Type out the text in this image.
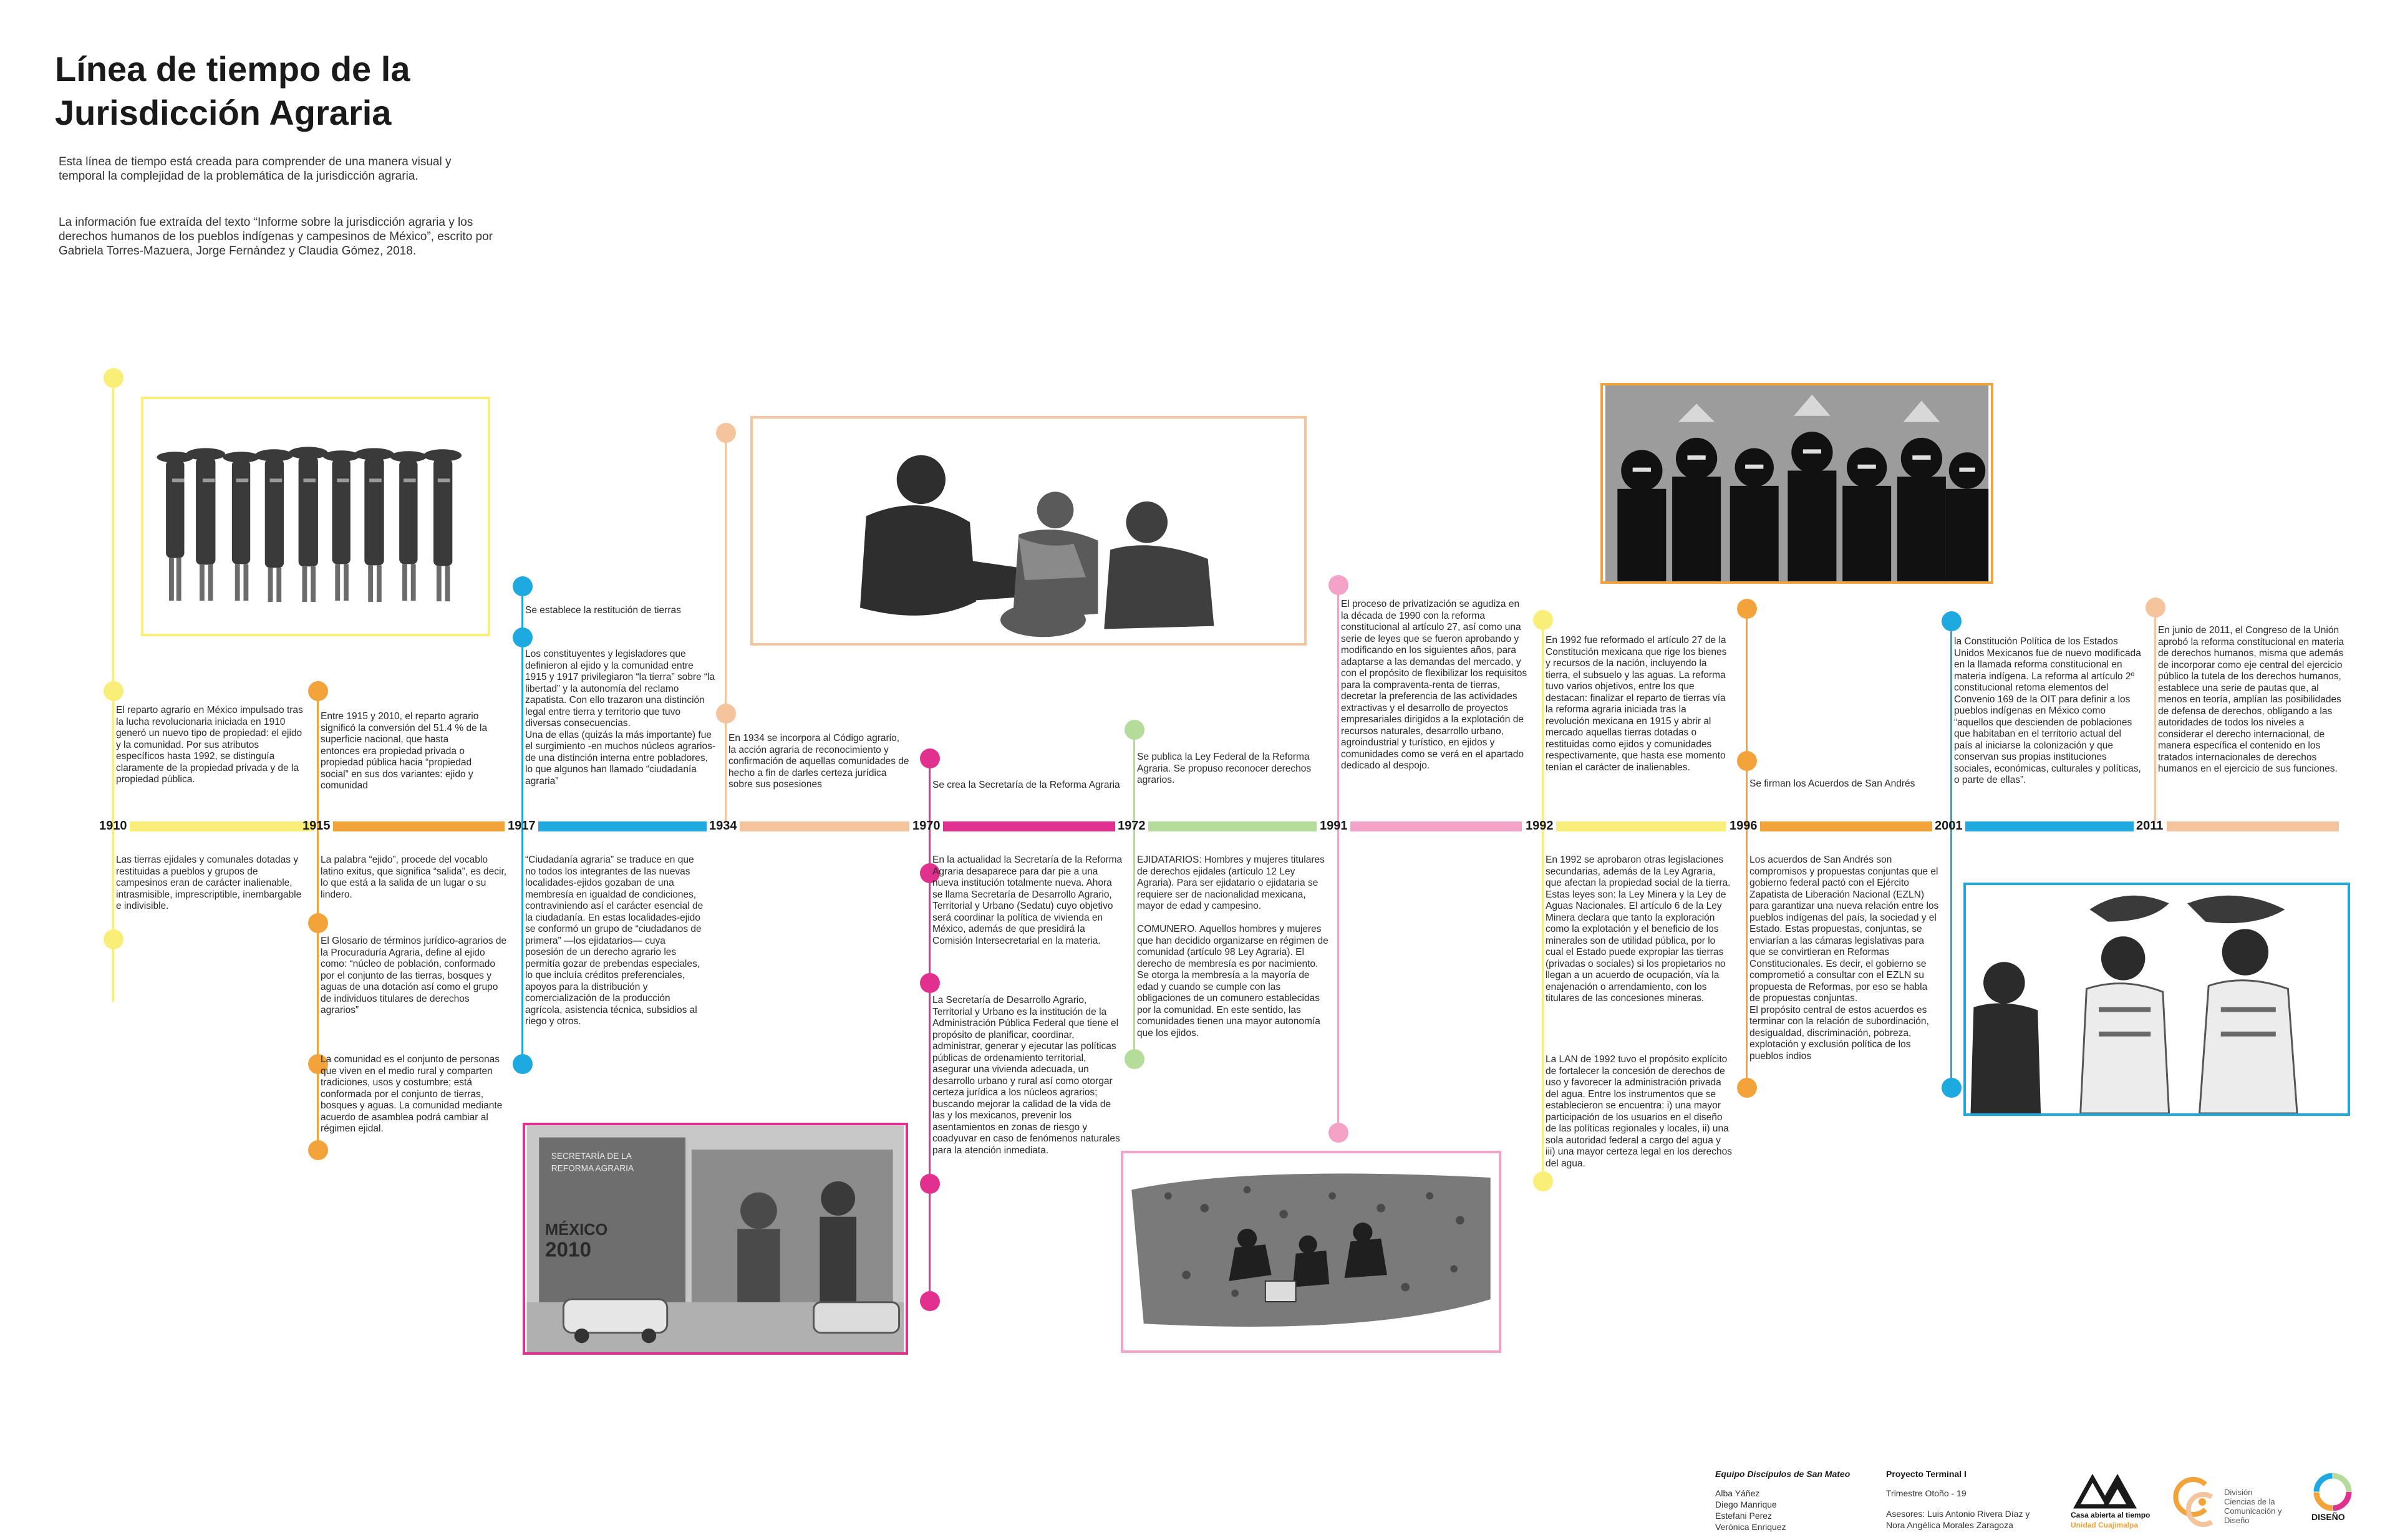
Línea de tiempo de la Jurisdicción Agraria

Esta línea de tiempo está creada para comprender de una manera visual y temporal la complejidad de la problemática de la jurisdicción agraria.

La información fue extraída del texto “Informe sobre la jurisdicción agraria y los derechos humanos de los pueblos indígenas y campesinos de México”, escrito por Gabriela Torres-Mazuera, Jorge Fernández y Claudia Gómez, 2018.

SECRETARÍA DE LA
REFORMA AGRARIA
MÉXICO
2010
1910	1915	1917	1934	1970	1972	1991	1992	1996	2001	2011

El reparto agrario en México impulsado tras la lucha revolucionaria iniciada en 1910 generó un nuevo tipo de propiedad: el ejido y la comunidad. Por sus atributos específicos hasta 1992, se distinguía claramente de la propiedad privada y de la propiedad pública.

Las tierras ejidales y comunales dotadas y restituidas a pueblos y grupos de campesinos eran de carácter inalienable, intrasmisible, imprescriptible, inembargable e indivisible.

Entre 1915 y 2010, el reparto agrario significó la conversión del 51.4 % de la superficie nacional, que hasta entonces era propiedad privada o propiedad pública hacia “propiedad social” en sus dos variantes: ejido y comunidad

La palabra “ejido”, procede del vocablo latino exitus, que significa “salida”, es decir, lo que está a la salida de un lugar o su lindero.

El Glosario de términos jurídico-agrarios de la Procuraduría Agraria, define al ejido como: “núcleo de población, conformado por el conjunto de las tierras, bosques y aguas de una dotación así como el grupo de individuos titulares de derechos agrarios”

La comunidad es el conjunto de personas que viven en el medio rural y comparten tradiciones, usos y costumbre; está conformada por el conjunto de tierras, bosques y aguas. La comunidad mediante acuerdo de asamblea podrá cambiar al régimen ejidal.

Se establece la restitución de tierras

Los constituyentes y legisladores que definieron al ejido y la comunidad entre 1915 y 1917 privilegiaron “la tierra” sobre “la libertad” y la autonomía del reclamo zapatista. Con ello trazaron una distinción legal entre tierra y territorio que tuvo diversas consecuencias.
Una de ellas (quizás la más importante) fue el surgimiento -en muchos núcleos agrarios- de una distinción interna entre pobladores, lo que algunos han llamado “ciudadanía agraria”

“Ciudadanía agraria” se traduce en que no todos los integrantes de las nuevas localidades-ejidos gozaban de una membresía en igualdad de condiciones, contraviniendo así el carácter esencial de la ciudadanía. En estas localidades-ejido se conformó un grupo de “ciudadanos de primera” —los ejidatarios— cuya posesión de un derecho agrario les permitía gozar de prebendas especiales, lo que incluía créditos preferenciales, apoyos para la distribución y comercialización de la producción agrícola, asistencia técnica, subsidios al riego y otros.

En 1934 se incorpora al Código agrario, la acción agraria de reconocimiento y confirmación de aquellas comunidades de hecho a fin de darles certeza jurídica sobre sus posesiones	Se crea la Secretaría de la Reforma Agraria

En la actualidad la Secretaría de la Reforma Agraria desaparece para dar pie a una nueva institución totalmente nueva. Ahora se llama Secretaría de Desarrollo Agrario, Territorial y Urbano (Sedatu) cuyo objetivo será coordinar la política de vivienda en México, además de que presidirá la Comisión Intersecretarial en la materia.

La Secretaría de Desarrollo Agrario, Territorial y Urbano es la institución de la Administración Pública Federal que tiene el propósito de planificar, coordinar, administrar, generar y ejecutar las políticas públicas de ordenamiento territorial, asegurar una vivienda adecuada, un desarrollo urbano y rural así como otorgar certeza jurídica a los núcleos agrarios; buscando mejorar la calidad de la vida de las y los mexicanos, prevenir los asentamientos en zonas de riesgo y coadyuvar en caso de fenómenos naturales para la atención inmediata.

Se publica la Ley Federal de la Reforma Agraria. Se propuso reconocer derechos agrarios.

EJIDATARIOS: Hombres y mujeres titulares de derechos ejidales (artículo 12 Ley Agraria). Para ser ejidatario o ejidataria se requiere ser de nacionalidad mexicana, mayor de edad y campesino.

COMUNERO. Aquellos hombres y mujeres que han decidido organizarse en régimen de comunidad (artículo 98 Ley Agraria). El derecho de membresía es por nacimiento. Se otorga la membresía a la mayoría de edad y cuando se cumple con las obligaciones de un comunero establecidas por la comunidad. En este sentido, las comunidades tienen una mayor autonomía que los ejidos.

El proceso de privatización se agudiza en la década de 1990 con la reforma constitucional al artículo 27, así como una serie de leyes que se fueron aprobando y modificando en los siguientes años, para adaptarse a las demandas del mercado, y con el propósito de flexibilizar los requisitos para la compraventa-renta de tierras, decretar la preferencia de las actividades extractivas y el desarrollo de proyectos empresariales dirigidos a la explotación de recursos naturales, desarrollo urbano, agroindustrial y turístico, en ejidos y comunidades como se verá en el apartado dedicado al despojo.

En 1992 fue reformado el artículo 27 de la Constitución mexicana que rige los bienes y recursos de la nación, incluyendo la tierra, el subsuelo y las aguas. La reforma tuvo varios objetivos, entre los que destacan: finalizar el reparto de tierras vía la reforma agraria iniciada tras la revolución mexicana en 1915 y abrir al mercado aquellas tierras dotadas o restituidas como ejidos y comunidades respectivamente, que hasta ese momento tenían el carácter de inalienables.

En 1992 se aprobaron otras legislaciones secundarias, además de la Ley Agraria, que afectan la propiedad social de la tierra. Estas leyes son: la Ley Minera y la Ley de Aguas Nacionales. El artículo 6 de la Ley Minera declara que tanto la exploración como la explotación y el beneficio de los minerales son de utilidad pública, por lo cual el Estado puede expropiar las tierras (privadas o sociales) si los propietarios no llegan a un acuerdo de ocupación, vía la enajenación o arrendamiento, con los titulares de las concesiones mineras.

La LAN de 1992 tuvo el propósito explícito de fortalecer la concesión de derechos de uso y favorecer la administración privada del agua. Entre los instrumentos que se establecieron se encuentra: i) una mayor participación de los usuarios en el diseño de las políticas regionales y locales, ii) una sola autoridad federal a cargo del agua y iii) una mayor certeza legal en los derechos del agua.

Se firman los Acuerdos de San Andrés

Los acuerdos de San Andrés son compromisos y propuestas conjuntas que el gobierno federal pactó con el Ejército Zapatista de Liberación Nacional (EZLN) para garantizar una nueva relación entre los pueblos indígenas del país, la sociedad y el Estado. Estas propuestas, conjuntas, se enviarían a las cámaras legislativas para que se convirtieran en Reformas Constitucionales. Es decir, el gobierno se comprometió a consultar con el EZLN su propuesta de Reformas, por eso se habla de propuestas conjuntas.
El propósito central de estos acuerdos es terminar con la relación de subordinación, desigualdad, discriminación, pobreza, explotación y exclusión política de los pueblos indios

la Constitución Política de los Estados Unidos Mexicanos fue de nuevo modificada en la llamada reforma constitucional en materia indígena. La reforma al artículo 2º constitucional retoma elementos del Convenio 169 de la OIT para definir a los pueblos indígenas en México como “aquellos que descienden de poblaciones que habitaban en el territorio actual del país al iniciarse la colonización y que conservan sus propias instituciones sociales, económicas, culturales y políticas, o parte de ellas”.

En junio de 2011, el Congreso de la Unión aprobó la reforma constitucional en materia de derechos humanos, misma que además de incorporar como eje central del ejercicio público la tutela de los derechos humanos, establece una serie de pautas que, al menos en teoría, amplían las posibilidades de defensa de derechos, obligando a las autoridades de todos los niveles a considerar el derecho internacional, de manera específica el contenido en los tratados internacionales de derechos humanos en el ejercicio de sus funciones.

Equipo Discípulos de San Mateo
Alba Yáñez
Diego Manrique
Estefani Perez
Verónica Enriquez
Proyecto Terminal I
Trimestre Otoño - 19
Asesores: Luis Antonio Rivera Díaz y
Nora Angélica Morales Zaragoza
Casa abierta al tiempo
Unidad Cuajimalpa
División
Ciencias de la
Comunicación y
Diseño	DISEÑO
